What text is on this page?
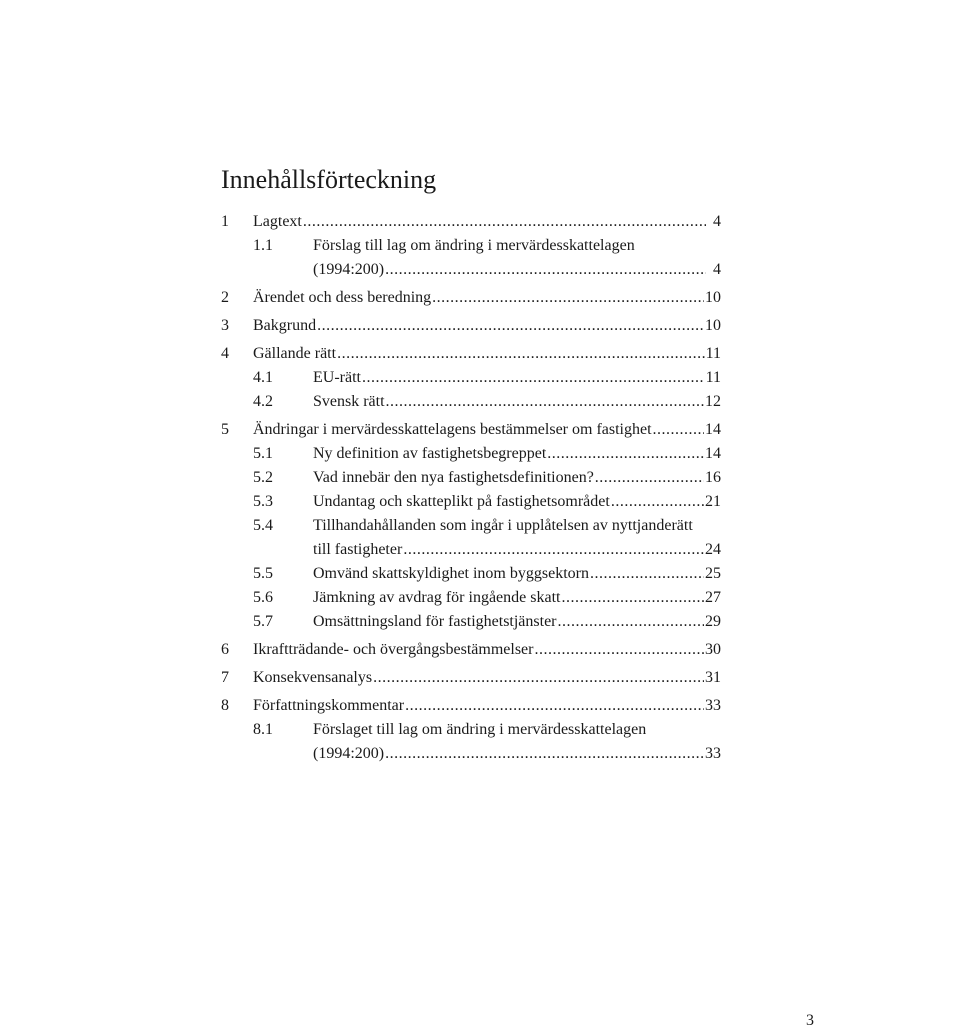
Innehållsförteckning
1 Lagtext .....	4
1.1	Förslag till lag om ändring i mervärdesskattelagen
(1994:200) .....	4
2 Ärendet och dess beredning .....	10
3 Bakgrund .....	10
4 Gällande rätt .....	11
4.1	EU-rätt .....	11
4.2	Svensk rätt .....	12
5 Ändringar i mervärdesskattelagens bestämmelser om fastighet .....	14
5.1	Ny definition av fastighetsbegreppet .....	14
5.2	Vad innebär den nya fastighetsdefinitionen? .....	16
5.3	Undantag och skatteplikt på fastighetsområdet .....	21
5.4	Tillhandahållanden som ingår i upplåtelsen av nyttjanderätt
till fastigheter .....	24
5.5	Omvänd skattskyldighet inom byggsektorn .....	25
5.6	Jämkning av avdrag för ingående skatt .....	27
5.7	Omsättningsland för fastighetstjänster .....	29
6 Ikraftträdande- och övergångsbestämmelser .....	30
7 Konsekvensanalys .....	31
8 Författningskommentar .....	33
8.1	Förslaget till lag om ändring i mervärdesskattelagen
(1994:200) .....	33
3
